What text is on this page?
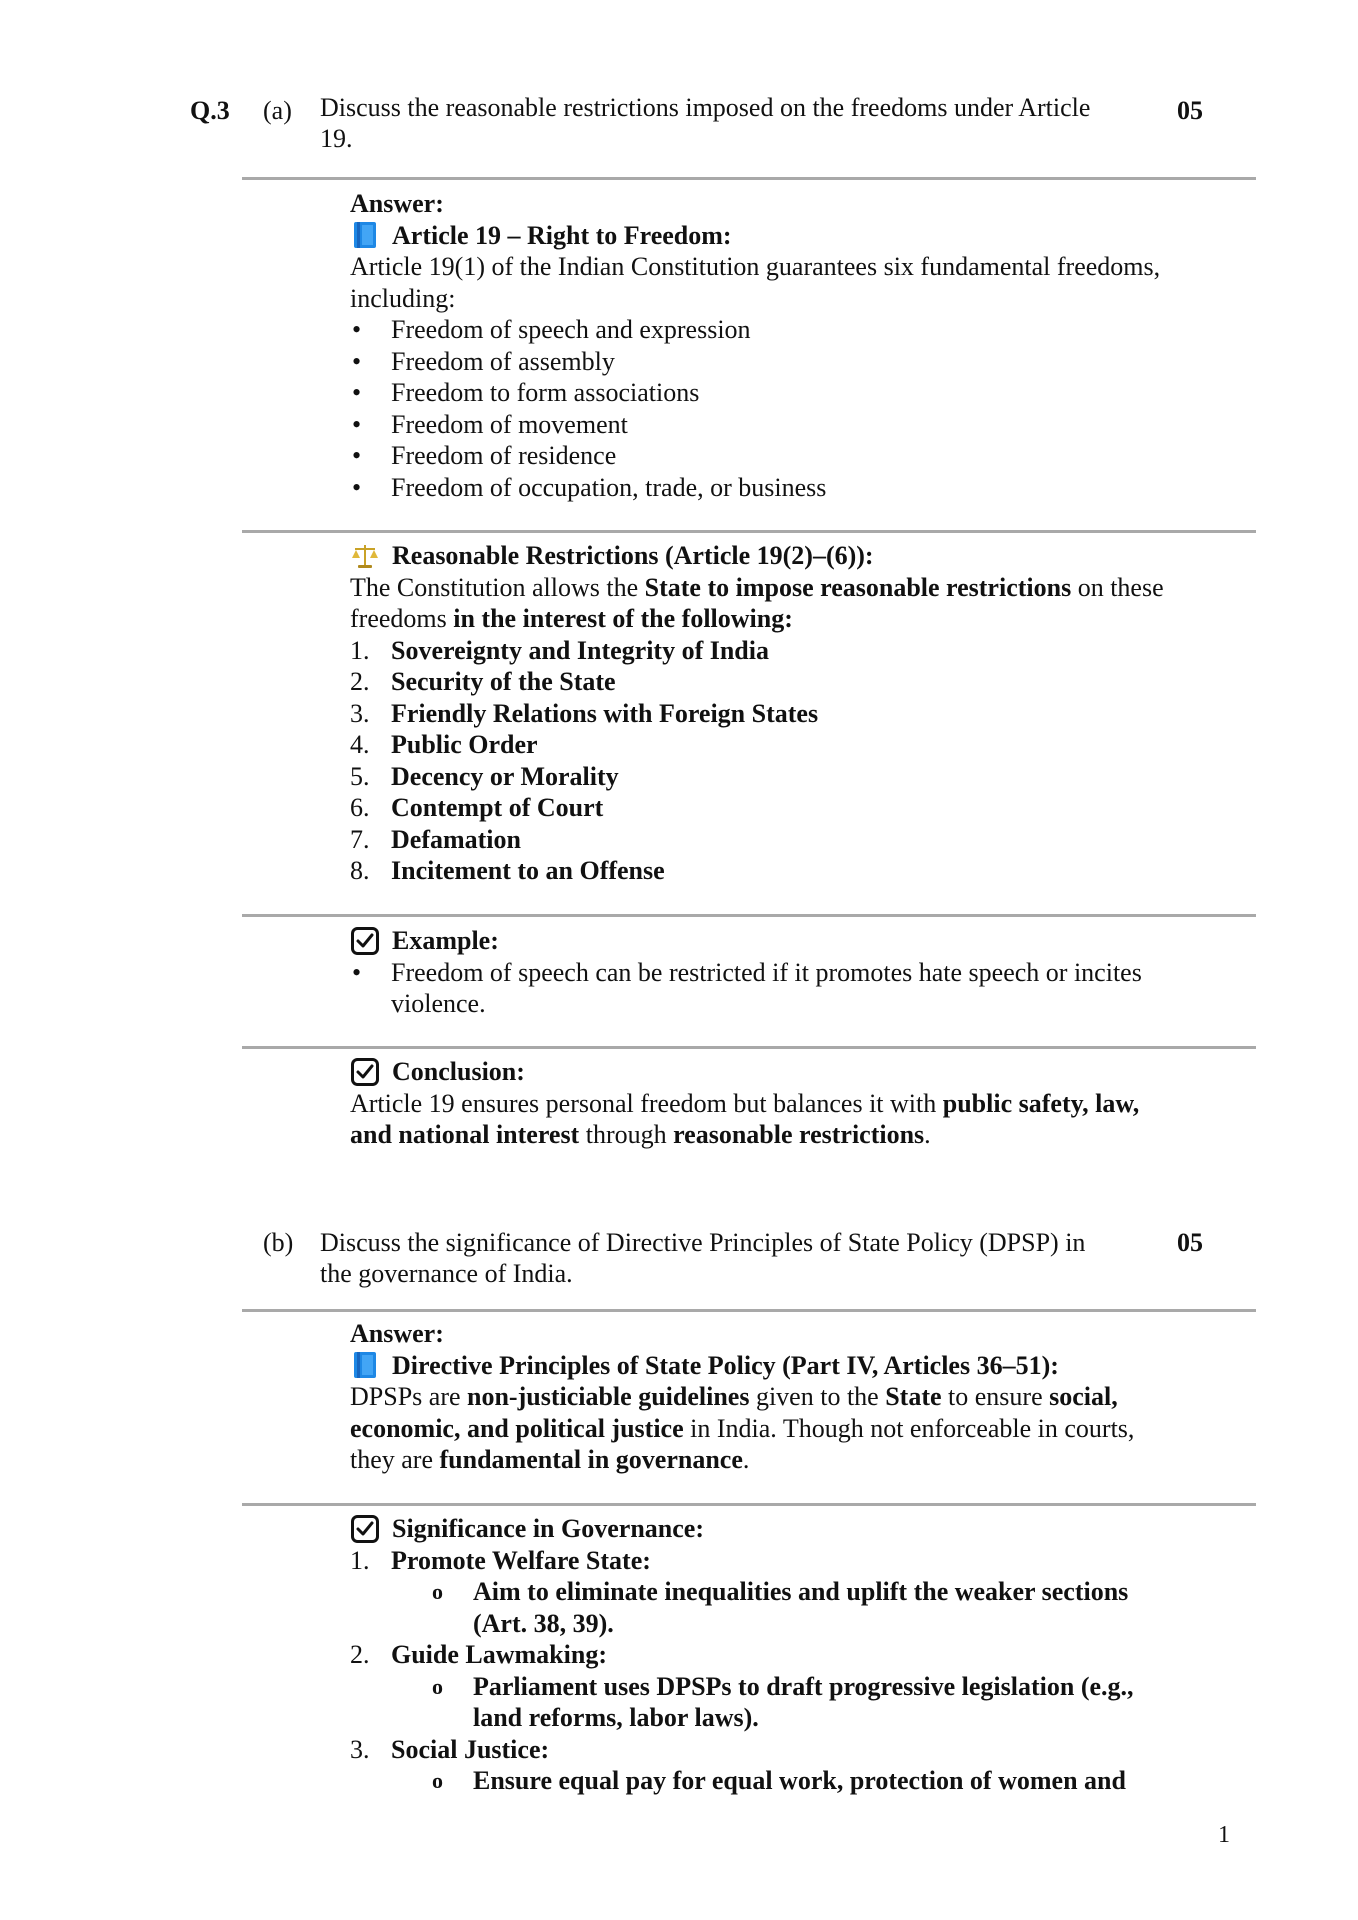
Q.3 (a) Discuss the reasonable restrictions imposed on the freedoms under Article
19.
05

Answer:

Article 19 – Right to Freedom:

Article 19(1) of the Indian Constitution guarantees six fundamental freedoms, including:

• Freedom of speech and expression
• Freedom of assembly
• Freedom to form associations
• Freedom of movement
• Freedom of residence
• Freedom of occupation, trade, or business

Reasonable Restrictions (Article 19(2)–(6)):

The Constitution allows the State to impose reasonable restrictions on these freedoms in the interest of the following:

1. Sovereignty and Integrity of India
2. Security of the State
3. Friendly Relations with Foreign States
4. Public Order
5. Decency or Morality
6. Contempt of Court
7. Defamation
8. Incitement to an Offense

Example:

• Freedom of speech can be restricted if it promotes hate speech or incites violence.

Conclusion:

Article 19 ensures personal freedom but balances it with public safety, law, and national interest through reasonable restrictions.

(b) Discuss the significance of Directive Principles of State Policy (DPSP) in
the governance of India.
05

Answer:

Directive Principles of State Policy (Part IV, Articles 36–51):

DPSPs are non-justiciable guidelines given to the State to ensure social, economic, and political justice in India. Though not enforceable in courts, they are fundamental in governance.

Significance in Governance:

1. Promote Welfare State:
o Aim to eliminate inequalities and uplift the weaker sections (Art. 38, 39).
2. Guide Lawmaking:
o Parliament uses DPSPs to draft progressive legislation (e.g., land reforms, labor laws).
3. Social Justice:
o Ensure equal pay for equal work, protection of women and
1
